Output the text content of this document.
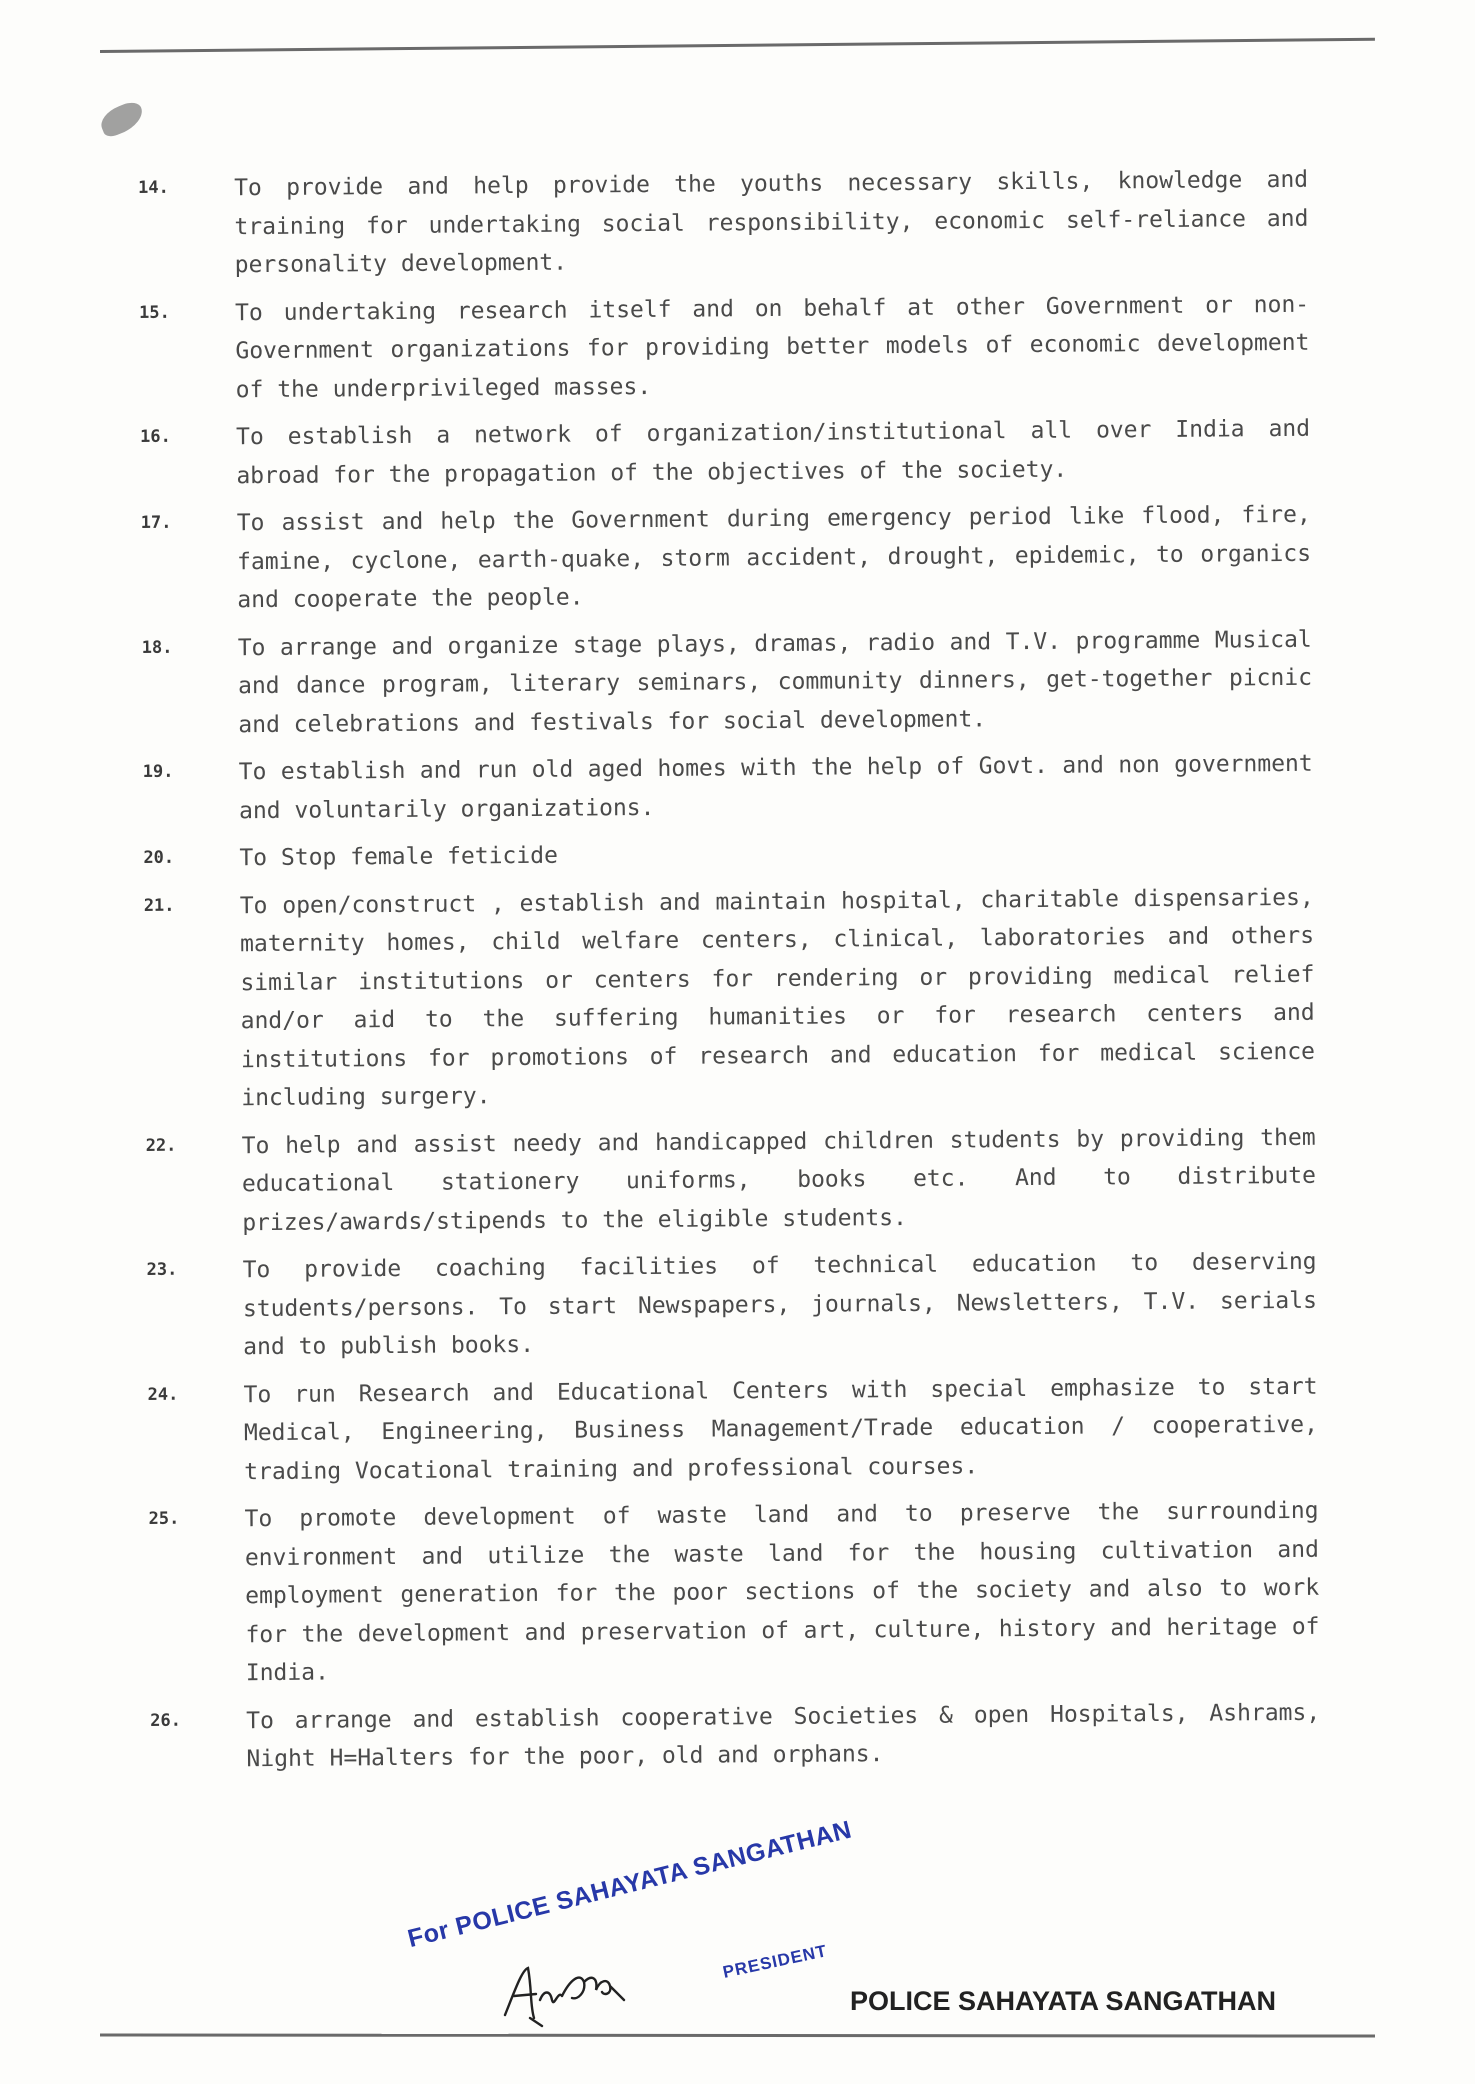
14.	To provide and help provide the youths necessary skills, knowledge and training for undertaking social responsibility, economic self-reliance and personality development.
15.	To undertaking research itself and on behalf at other Government or non-Government organizations for providing better models of economic development of the underprivileged masses.
16.	To establish a network of organization/institutional all over India and abroad for the propagation of the objectives of the society.
17.	To assist and help the Government during emergency period like flood, fire, famine, cyclone, earth-quake, storm accident, drought, epidemic, to organics and cooperate the people.
18.	To arrange and organize stage plays, dramas, radio and T.V. programme Musical and dance program, literary seminars, community dinners, get-together picnic and celebrations and festivals for social development.
19.	To establish and run old aged homes with the help of Govt. and non government and voluntarily organizations.
20.	To Stop female feticide
21.	To open/construct , establish and maintain hospital, charitable dispensaries, maternity homes, child welfare centers, clinical, laboratories and others similar institutions or centers for rendering or providing medical relief and/or aid to the suffering humanities or for research centers and institutions for promotions of research and education for medical science including surgery.
22.	To help and assist needy and handicapped children students by providing them educational stationery uniforms, books etc. And to distribute prizes/awards/stipends to the eligible students.
23.	To provide coaching facilities of technical education to deserving students/persons. To start Newspapers, journals, Newsletters, T.V. serials and to publish books.
24.	To run Research and Educational Centers with special emphasize to start Medical, Engineering, Business Management/Trade education / cooperative, trading Vocational training and professional courses.
25.	To promote development of waste land and to preserve the surrounding environment and utilize the waste land for the housing cultivation and employment generation for the poor sections of the society and also to work for the development and preservation of art, culture, history and heritage of India.
26.	To arrange and establish cooperative Societies & open Hospitals, Ashrams, Night H=Halters for the poor, old and orphans.
For POLICE SAHAYATA SANGATHAN
PRESIDENT
POLICE SAHAYATA SANGATHAN
